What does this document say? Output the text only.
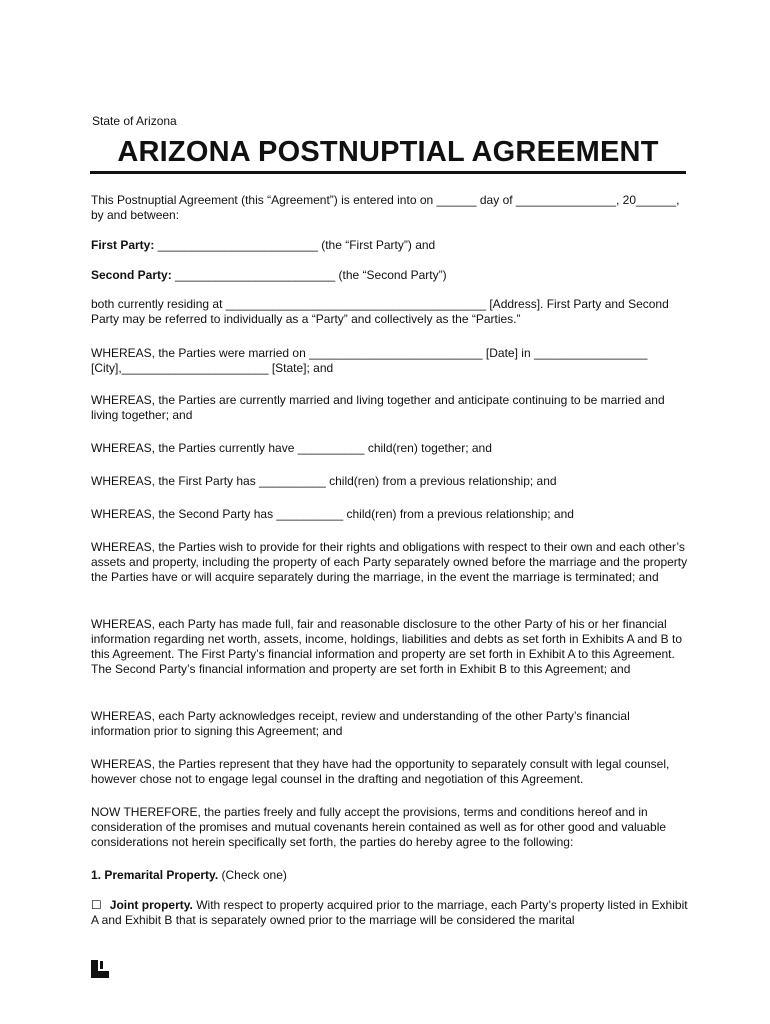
State of Arizona
ARIZONA POSTNUPTIAL AGREEMENT

This Postnuptial Agreement (this “Agreement”) is entered into on ______ day of _______________, 20______, by and between:

First Party: ________________________ (the “First Party”) and

Second Party: ________________________ (the “Second Party”)

both currently residing at _______________________________________ [Address]. First Party and Second Party may be referred to individually as a “Party” and collectively as the “Parties.”

WHEREAS, the Parties were married on __________________________ [Date] in _________________ [City],______________________ [State]; and

WHEREAS, the Parties are currently married and living together and anticipate continuing to be married and living together; and

WHEREAS, the Parties currently have __________ child(ren) together; and

WHEREAS, the First Party has __________ child(ren) from a previous relationship; and

WHEREAS, the Second Party has __________ child(ren) from a previous relationship; and

WHEREAS, the Parties wish to provide for their rights and obligations with respect to their own and each other’s assets and property, including the property of each Party separately owned before the marriage and the property the Parties have or will acquire separately during the marriage, in the event the marriage is terminated; and

WHEREAS, each Party has made full, fair and reasonable disclosure to the other Party of his or her financial information regarding net worth, assets, income, holdings, liabilities and debts as set forth in Exhibits A and B to this Agreement. The First Party’s financial information and property are set forth in Exhibit A to this Agreement. The Second Party’s financial information and property are set forth in Exhibit B to this Agreement; and

WHEREAS, each Party acknowledges receipt, review and understanding of the other Party’s financial information prior to signing this Agreement; and

WHEREAS, the Parties represent that they have had the opportunity to separately consult with legal counsel, however chose not to engage legal counsel in the drafting and negotiation of this Agreement.

NOW THEREFORE, the parties freely and fully accept the provisions, terms and conditions hereof and in consideration of the promises and mutual covenants herein contained as well as for other good and valuable considerations not herein specifically set forth, the parties do hereby agree to the following:

1. Premarital Property. (Check one)

☐ Joint property. With respect to property acquired prior to the marriage, each Party’s property listed in Exhibit A and Exhibit B that is separately owned prior to the marriage will be considered the marital
